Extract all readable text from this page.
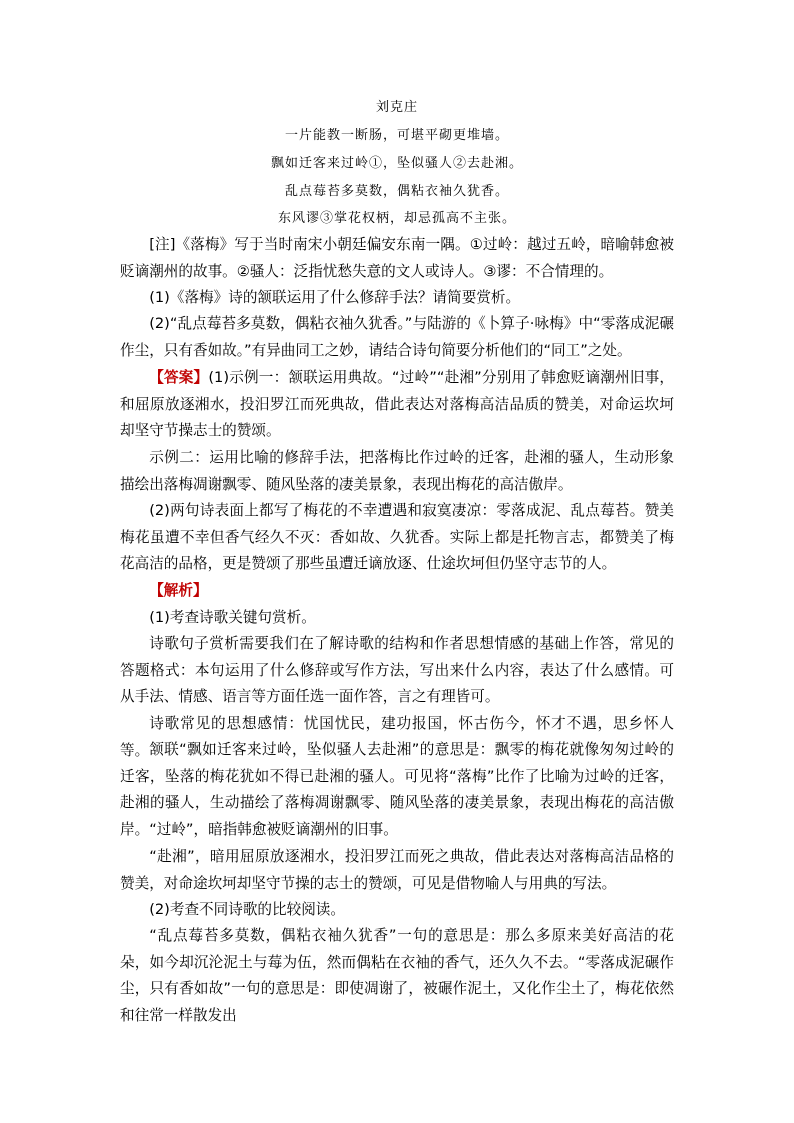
刘克庄
一片能教一断肠，可堪平砌更堆墙。
飘如迁客来过岭①，坠似骚人②去赴湘。
乱点莓苔多莫数，偶粘衣袖久犹香。
东风谬③掌花权柄，却忌孤高不主张。

[注]《落梅》写于当时南宋小朝廷偏安东南一隅。①过岭：越过五岭，暗喻韩愈被贬谪潮州的故事。②骚人：泛指忧愁失意的文人或诗人。③谬：不合情理的。

(1)《落梅》诗的颔联运用了什么修辞手法？请简要赏析。

(2)“乱点莓苔多莫数，偶粘衣袖久犹香。”与陆游的《卜算子·咏梅》中“零落成泥碾作尘，只有香如故。”有异曲同工之妙，请结合诗句简要分析他们的“同工”之处。

【答案】(1)示例一：颔联运用典故。“过岭”“赴湘”分别用了韩愈贬谪潮州旧事，和屈原放逐湘水，投汨罗江而死典故，借此表达对落梅高洁品质的赞美，对命运坎坷却坚守节操志士的赞颂。

示例二：运用比喻的修辞手法，把落梅比作过岭的迁客，赴湘的骚人，生动形象描绘出落梅凋谢飘零、随风坠落的凄美景象，表现出梅花的高洁傲岸。

(2)两句诗表面上都写了梅花的不幸遭遇和寂寞凄凉：零落成泥、乱点莓苔。赞美梅花虽遭不幸但香气经久不灭：香如故、久犹香。实际上都是托物言志，都赞美了梅花高洁的品格，更是赞颂了那些虽遭迁谪放逐、仕途坎坷但仍坚守志节的人。

【解析】

(1)考查诗歌关键句赏析。

诗歌句子赏析需要我们在了解诗歌的结构和作者思想情感的基础上作答，常见的答题格式：本句运用了什么修辞或写作方法，写出来什么内容，表达了什么感情。可从手法、情感、语言等方面任选一面作答，言之有理皆可。

诗歌常见的思想感情：忧国忧民，建功报国，怀古伤今，怀才不遇，思乡怀人等。 颔联“飘如迁客来过岭，坠似骚人去赴湘”的意思是：飘零的梅花就像匆匆过岭的迁客，坠落的梅花犹如不得已赴湘的骚人。可见将“落梅”比作了比喻为过岭的迁客，赴湘的骚人，生动描绘了落梅凋谢飘零、随风坠落的凄美景象，表现出梅花的高洁傲岸。“过岭”，暗指韩愈被贬谪潮州的旧事。

“赴湘”，暗用屈原放逐湘水，投汨罗江而死之典故，借此表达对落梅高洁品格的赞美，对命途坎坷却坚守节操的志士的赞颂，可见是借物喻人与用典的写法。

(2)考查不同诗歌的比较阅读。

“乱点莓苔多莫数，偶粘衣袖久犹香”一句的意思是：那么多原来美好高洁的花朵，如今却沉沦泥土与莓为伍，然而偶粘在衣袖的香气，还久久不去。“零落成泥碾作尘，只有香如故”一句的意思是：即使凋谢了，被碾作泥土，又化作尘土了，梅花依然和往常一样散发出
